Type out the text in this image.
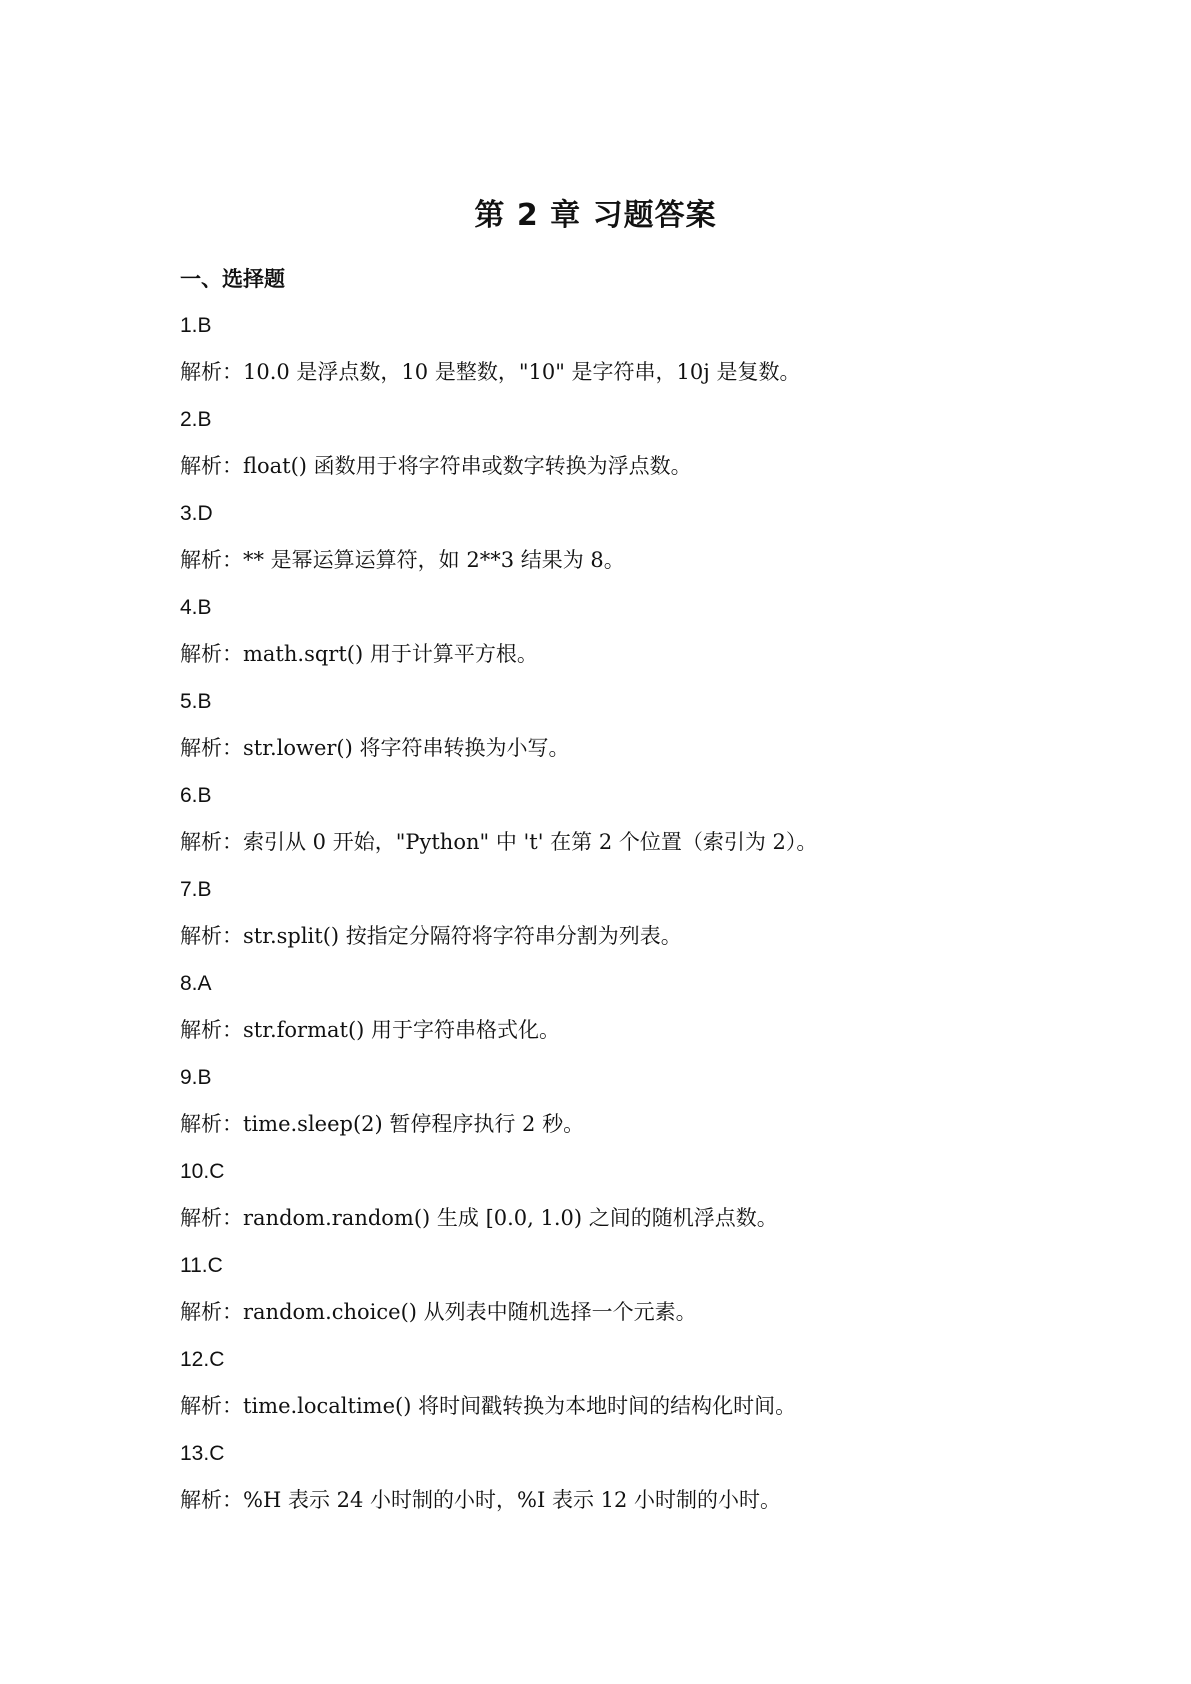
第 2 章 习题答案
一、选择题
1.B
解析：10.0 是浮点数，10 是整数，"10" 是字符串，10j 是复数。
2.B
解析：float() 函数用于将字符串或数字转换为浮点数。
3.D
解析：** 是幂运算运算符，如 2**3 结果为 8。
4.B
解析：math.sqrt() 用于计算平方根。
5.B
解析：str.lower() 将字符串转换为小写。
6.B
解析：索引从 0 开始，"Python" 中 't' 在第 2 个位置（索引为 2）。
7.B
解析：str.split() 按指定分隔符将字符串分割为列表。
8.A
解析：str.format() 用于字符串格式化。
9.B
解析：time.sleep(2) 暂停程序执行 2 秒。
10.C
解析：random.random() 生成 [0.0, 1.0) 之间的随机浮点数。
11.C
解析：random.choice() 从列表中随机选择一个元素。
12.C
解析：time.localtime() 将时间戳转换为本地时间的结构化时间。
13.C
解析：%H 表示 24 小时制的小时，%I 表示 12 小时制的小时。
